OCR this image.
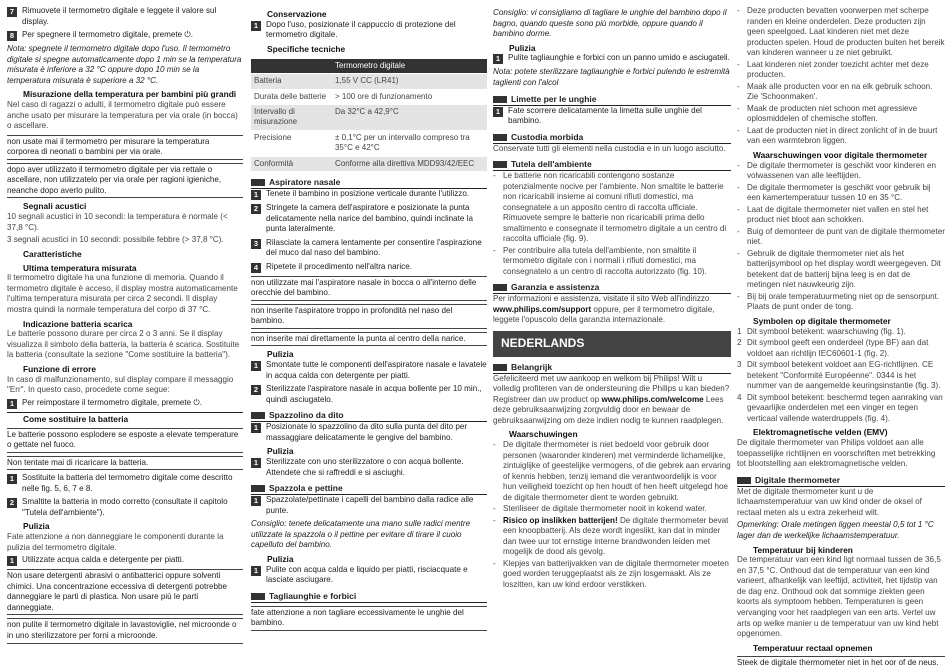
7 Rimuovete il termometro digitale e leggete il valore sul display.
8 Per spegnere il termometro digitale, premete ⏻.
Nota: spegnete il termometro digitale dopo l'uso. Il termometro digitale si spegne automaticamente dopo 1 min se la temperatura misurata è inferiore a 32 °C oppure dopo 10 min se la temperatura misurata è superiore a 32 °C.
Misurazione della temperatura per bambini più grandi
Nel caso di ragazzi o adulti, il termometro digitale può essere anche usato per misurare la temperatura per via orale (in bocca) o ascellare.
non usate mai il termometro per misurare la temperatura corporea di neonati o bambini per via orale.
dopo aver utilizzato il termometro digitale per via rettale o ascellare, non utilizzatelo per via orale per ragioni igieniche, neanche dopo averlo pulito.
Segnali acustici
10 segnali acustici in 10 secondi: la temperatura è normale (< 37,8 °C).
3 segnali acustici in 10 secondi: possibile febbre (> 37,8 °C).
Caratteristiche
Ultima temperatura misurata
Il termometro digitale ha una funzione di memoria. Quando il termometro digitale è acceso, il display mostra automaticamente l'ultima temperatura misurata per circa 2 secondi. Il display mostra quindi la normale temperatura del corpo di 37 °C.
Indicazione batteria scarica
Le batterie possono durare per circa 2 o 3 anni. Se il display visualizza il simbolo della batteria, la batteria è scarica. Sostituite la batteria (consultate la sezione "Come sostituire la batteria").
Funzione di errore
In caso di malfunzionamento, sul display compare il messaggio "Err". In questo caso, procedete come segue:
1 Per reimpostare il termometro digitale, premete ⏻.
Come sostituire la batteria
Le batterie possono esplodere se esposte a elevate temperature o gettate nel fuoco.
Non tentate mai di ricaricare la batteria.
1 Sostituite la batteria del termometro digitale come descritto nelle fig. 5, 6, 7 e 8.
2 Smaltite la batteria in modo corretto (consultate il capitolo "Tutela dell'ambiente").
Pulizia
Fate attenzione a non danneggiare le componenti durante la pulizia del termometro digitale.
1 Utilizzate acqua calda e detergente per piatti.
Non usare detergenti abrasivi o antibatterici oppure solventi chimici. Una concentrazione eccessiva di detergenti potrebbe danneggiare le parti di plastica. Non usare più le parti danneggiate.
non pulite il termometro digitale in lavastoviglie, nel microonde o in uno sterilizzatore per forni a microonde.
Conservazione
1 Dopo l'uso, posizionate il cappuccio di protezione del termometro digitale.
Specifiche tecniche
	Termometro digitale
Batteria	1,55 V CC (LR41)
Durata delle batterie	> 100 ore di funzionamento
Intervallo di misurazione	Da 32°C a 42,9°C
Precisione	± 0,1°C per un intervallo compreso tra 35°C e 42°C
Conformità	Conforme alla direttiva MDD93/42/EEC
Aspiratore nasale
1 Tenete il bambino in posizione verticale durante l'utilizzo.
2 Stringete la camera dell'aspiratore e posizionate la punta delicatamente nella narice del bambino, quindi inclinate la punta lateralmente.
3 Rilasciate la camera lentamente per consentire l'aspirazione del muco dal naso del bambino.
4 Ripetete il procedimento nell'altra narice.
non utilizzate mai l'aspiratore nasale in bocca o all'interno delle orecchie del bambino.
non inserite l'aspiratore troppo in profondità nel naso del bambino.
non inserite mai direttamente la punta al centro della narice.
Pulizia
1 Smontate tutte le componenti dell'aspiratore nasale e lavatele in acqua calda con detergente per piatti.
2 Sterilizzate l'aspiratore nasale in acqua bollente per 10 min., quindi asciugatelo.
Spazzolino da dito
1 Posizionate lo spazzolino da dito sulla punta del dito per massaggiare delicatamente le gengive del bambino.
Pulizia
1 Sterilizzate con uno sterilizzatore o con acqua bollente. Attendete che si raffreddi e si asciughi.
Spazzola e pettine
1 Spazzolate/pettinate i capelli del bambino dalla radice alle punte.
Consiglio: tenete delicatamente una mano sulle radici mentre utilizzate la spazzola o il pettine per evitare di tirare il cuoio capelluto del bambino.
Pulizia
1 Pulite con acqua calda e liquido per piatti, risciacquate e lasciate asciugare.
Tagliaunghie e forbici
fate attenzione a non tagliare eccessivamente le unghie del bambino.
Consiglio: vi consigliamo di tagliare le unghie del bambino dopo il bagno, quando queste sono più morbide, oppure quando il bambino dorme.
Pulizia
1 Pulite tagliaunghie e forbici con un panno umido e asciugateli.
Nota: potete sterilizzare tagliaunghie e forbici pulendo le estremità taglienti con l'alcol
Limette per le unghie
1 Fate scorrere delicatamente la limetta sulle unghie del bambino.
Custodia morbida
Conservate tutti gli elementi nella custodia e in un luogo asciutto.
Tutela dell'ambiente
- Le batterie non ricaricabili contengono sostanze potenzialmente nocive per l'ambiente. Non smaltite le batterie non ricaricabili insieme ai comuni rifiuti domestici, ma consegnatele a un apposito centro di raccolta ufficiale. Rimuovete sempre le batterie non ricaricabili prima dello smaltimento e consegnate il termometro digitale a un centro di raccolta ufficiale (fig. 9).
- Per contribuire alla tutela dell'ambiente, non smaltite il termometro digitale con i normali i rifiuti domestici, ma consegnatelo a un centro di raccolta autorizzato (fig. 10).
Garanzia e assistenza
Per informazioni e assistenza, visitate il sito Web all'indirizzo www.philips.com/support oppure, per il termometro digitale, leggete l'opuscolo della garanzia internazionale.
NEDERLANDS
Belangrijk
Gefeliciteerd met uw aankoop en welkom bij Philips! Wilt u volledig profiteren van de ondersteuning die Philips u kan bieden? Registreer dan uw product op www.philips.com/welcome Lees deze gebruiksaanwijzing zorgvuldig door en bewaar de gebruiksaanwijzing om deze indien nodig te kunnen raadplegen.
Waarschuwingen
- De digitale thermometer is niet bedoeld voor gebruik door personen (waaronder kinderen) met verminderde lichamelijke, zintuiglijke of geestelijke vermogens, of die gebrek aan ervaring of kennis hebben, tenzij iemand die verantwoordelijk is voor hun veiligheid toezicht op hen houdt of hen heeft uitgelegd hoe de digitale thermometer dient te worden gebruikt.
- Steriliseer de digitale thermometer nooit in kokend water.
- Risico op inslikken batterijen! De digitale thermometer bevat een knoopbatterij. Als deze wordt ingeslikt, kan dat in minder dan twee uur tot ernstige interne brandwonden leiden met mogelijk de dood als gevolg.
- Klepjes van batterijvakken van de digitale thermometer moeten goed worden teruggeplaatst als ze zijn losgemaakt. Als ze loszitten, kan uw kind erdoor verstikken.
- Deze producten bevatten voorwerpen met scherpe randen en kleine onderdelen. Deze producten zijn geen speelgoed. Laat kinderen niet met deze producten spelen. Houd de producten buiten het bereik van kinderen wanneer u ze niet gebruikt.
- Laat kinderen niet zonder toezicht achter met deze producten.
- Maak alle producten voor en na elk gebruik schoon. Zie 'Schoonmaken'.
- Maak de producten niet schoon met agressieve oplosmiddelen of chemische stoffen.
- Laat de producten niet in direct zonlicht of in de buurt van een warmtebron liggen.
Waarschuwingen voor digitale thermometer
- De digitale thermometer is geschikt voor kinderen en volwassenen van alle leeftijden.
- De digitale thermometer is geschikt voor gebruik bij een kamertemperatuur tussen 10 en 35 °C.
- Laat de digitale thermometer niet vallen en stel het product niet bloot aan schokken.
- Buig of demonteer de punt van de digitale thermometer niet.
- Gebruik de digitale thermometer niet als het batterijsymbool op het display wordt weergegeven. Dit betekent dat de batterij bijna leeg is en dat de metingen niet nauwkeurig zijn.
- Bij bij orale temperatuurmeting niet op de sensorpunt. Plaats de punt onder de tong.
Symbolen op digitale thermometer
1 Dit symbool betekent: waarschuwing (fig. 1).
2 Dit symbool geeft een onderdeel (type BF) aan dat voldoet aan richtlijn IEC60601-1 (fig. 2).
3 Dit symbool betekent voldoet aan EG-richtlijnen. CE betekent "Conformité Européenne". 0344 is het nummer van de aangemelde keuringsinstantie (fig. 3).
4 Dit symbool betekent: beschermd tegen aanraking van gevaarlijke onderdelen met een vinger en tegen verticaal vallende waterdruppels (fig. 4).
Elektromagnetische velden (EMV)
De digitale thermometer van Philips voldoet aan alle toepasselijke richtlijnen en voorschriften met betrekking tot blootstelling aan elektromagnetische velden.
Digitale thermometer
Met de digitale thermometer kunt u de lichaamstemperatuur van uw kind onder de oksel of rectaal meten als u extra zekerheid wilt.
Opmerking: Orale metingen liggen meestal 0,5 tot 1 °C lager dan de werkelijke lichaamstemperatuur.
Temperatuur bij kinderen
De temperatuur van een kind ligt normaal tussen de 36,5 en 37,5 °C. Onthoud dat de temperatuur van een kind varieert, afhankelijk van leeftijd, activiteit, het tijdstip van de dag enz. Onthoud ook dat sommige ziekten geen koorts als symptoom hebben. Temperaturen is geen vervanging voor het raadplegen van een arts. Vertel uw arts op welke manier u de temperatuur van uw kind hebt opgenomen.
Temperatuur rectaal opnemen
Steek de digitale thermometer niet in het oor of de neus.
